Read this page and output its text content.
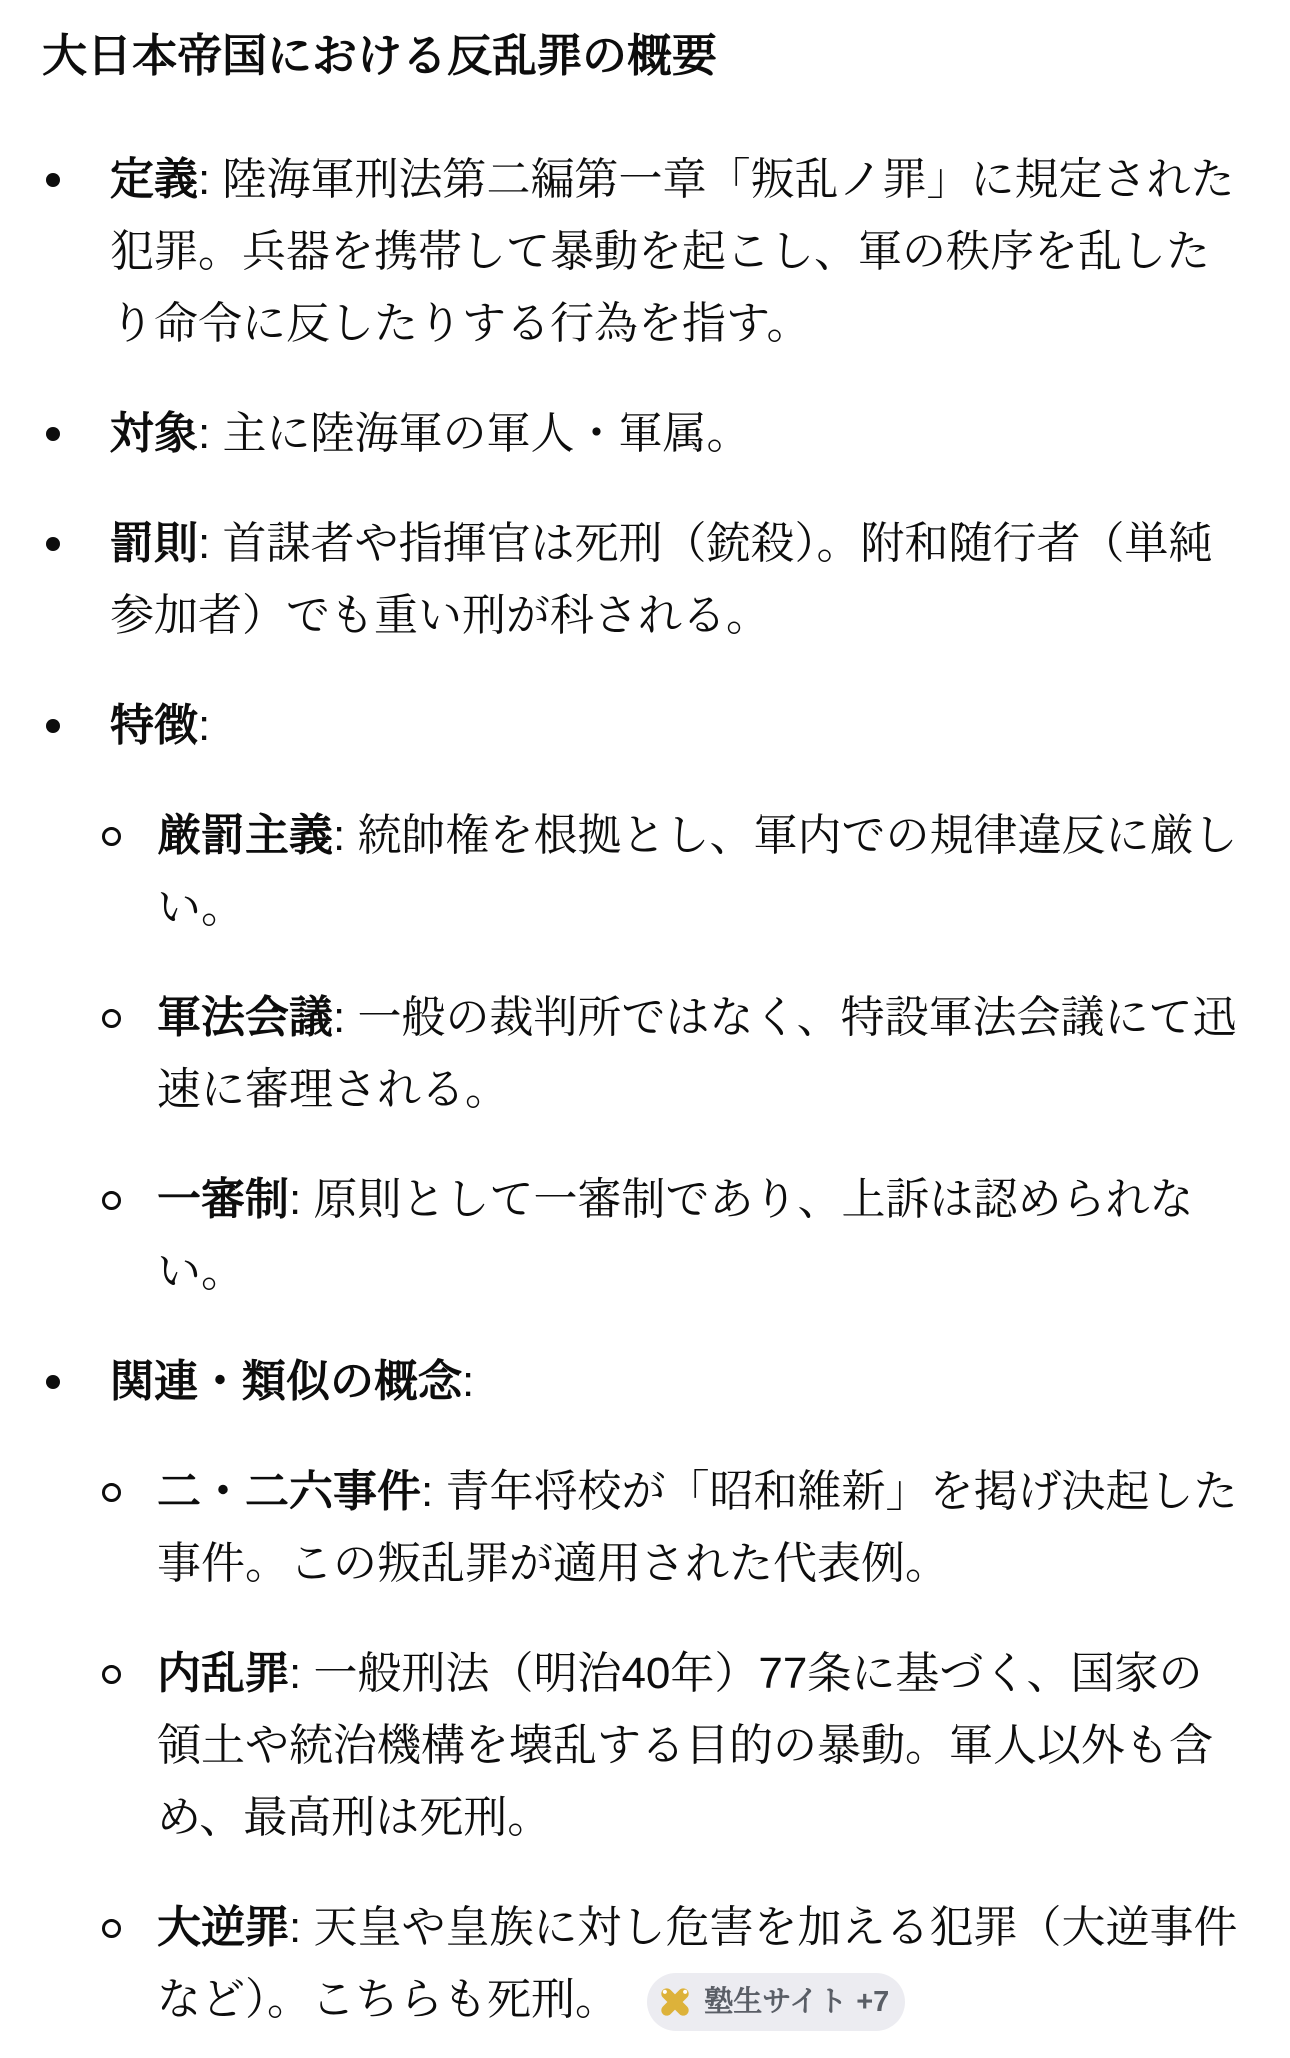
大日本帝国における反乱罪の概要
定義: 陸海軍刑法第二編第一章「叛乱ノ罪」に規定された犯罪。兵器を携帯して暴動を起こし、軍の秩序を乱したり命令に反したりする行為を指す。
対象: 主に陸海軍の軍人・軍属。
罰則: 首謀者や指揮官は死刑（銃殺）。附和随行者（単純参加者）でも重い刑が科される。
特徴:
厳罰主義: 統帥権を根拠とし、軍内での規律違反に厳しい。
軍法会議: 一般の裁判所ではなく、特設軍法会議にて迅速に審理される。
一審制: 原則として一審制であり、上訴は認められない。
関連・類似の概念:
二・二六事件: 青年将校が「昭和維新」を掲げ決起した事件。この叛乱罪が適用された代表例。
内乱罪: 一般刑法（明治40年）77条に基づく、国家の領土や統治機構を壊乱する目的の暴動。軍人以外も含め、最高刑は死刑。
大逆罪: 天皇や皇族に対し危害を加える犯罪（大逆事件など）。こちらも死刑。	塾生サイト +7
